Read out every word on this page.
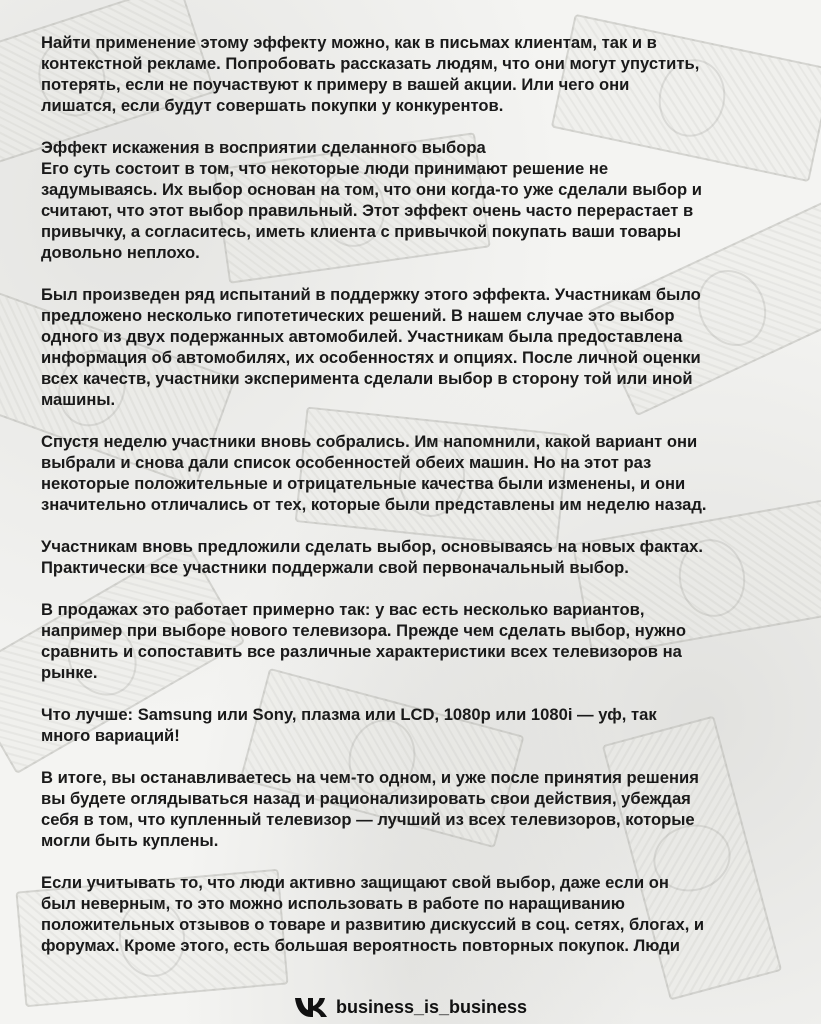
Найти применение этому эффекту можно, как в письмах клиентам, так и в
контекстной рекламе. Попробовать рассказать людям, что они могут упустить,
потерять, если не поучаствуют к примеру в вашей акции. Или чего они
лишатся, если будут совершать покупки у конкурентов.

Эффект искажения в восприятии сделанного выбора
Его суть состоит в том, что некоторые люди принимают решение не
задумываясь. Их выбор основан на том, что они когда-то уже сделали выбор и
считают, что этот выбор правильный. Этот эффект очень часто перерастает в
привычку, а согласитесь, иметь клиента с привычкой покупать ваши товары
довольно неплохо.

Был произведен ряд испытаний в поддержку этого эффекта. Участникам было
предложено несколько гипотетических решений. В нашем случае это выбор
одного из двух подержанных автомобилей. Участникам была предоставлена
информация об автомобилях, их особенностях и опциях. После личной оценки
всех качеств, участники эксперимента сделали выбор в сторону той или иной
машины.

Спустя неделю участники вновь собрались. Им напомнили, какой вариант они
выбрали и снова дали список особенностей обеих машин. Но на этот раз
некоторые положительные и отрицательные качества были изменены, и они
значительно отличались от тех, которые были представлены им неделю назад.

Участникам вновь предложили сделать выбор, основываясь на новых фактах.
Практически все участники поддержали свой первоначальный выбор.

В продажах это работает примерно так: у вас есть несколько вариантов,
например при выборе нового телевизора. Прежде чем сделать выбор, нужно
сравнить и сопоставить все различные характеристики всех телевизоров на
рынке.

Что лучше: Samsung или Sony, плазма или LCD, 1080p или 1080i — уф, так
много вариаций!

В итоге, вы останавливаетесь на чем-то одном, и уже после принятия решения
вы будете оглядываться назад и рационализировать свои действия, убеждая
себя в том, что купленный телевизор — лучший из всех телевизоров, которые
могли быть куплены.

Если учитывать то, что люди активно защищают свой выбор, даже если он
был неверным, то это можно использовать в работе по наращиванию
положительных отзывов о товаре и развитию дискуссий в соц. сетях, блогах, и
форумах. Кроме этого, есть большая вероятность повторных покупок. Люди

business_is_business
